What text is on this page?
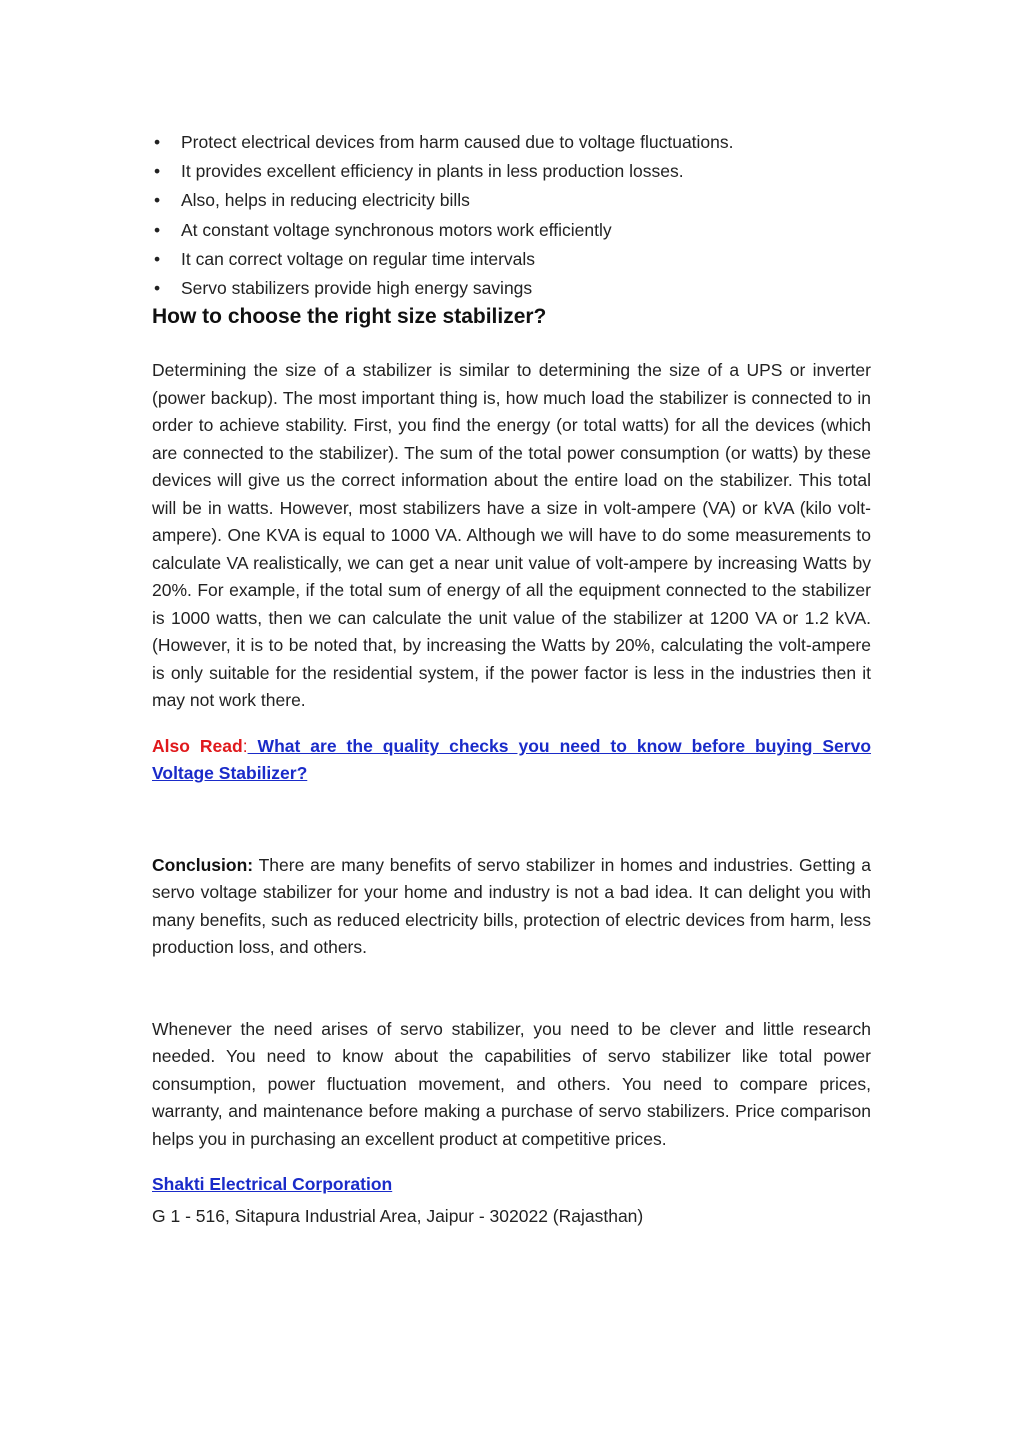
• Protect electrical devices from harm caused due to voltage fluctuations.
• It provides excellent efficiency in plants in less production losses.
• Also, helps in reducing electricity bills
• At constant voltage synchronous motors work efficiently
• It can correct voltage on regular time intervals
• Servo stabilizers provide high energy savings
How to choose the right size stabilizer?

Determining the size of a stabilizer is similar to determining the size of a UPS or inverter (power backup). The most important thing is, how much load the stabilizer is connected to in order to achieve stability. First, you find the energy (or total watts) for all the devices (which are connected to the stabilizer). The sum of the total power consumption (or watts) by these devices will give us the correct information about the entire load on the stabilizer. This total will be in watts. However, most stabilizers have a size in volt-ampere (VA) or kVA (kilo volt-ampere). One KVA is equal to 1000 VA. Although we will have to do some measurements to calculate VA realistically, we can get a near unit value of volt-ampere by increasing Watts by 20%. For example, if the total sum of energy of all the equipment connected to the stabilizer is 1000 watts, then we can calculate the unit value of the stabilizer at 1200 VA or 1.2 kVA. (However, it is to be noted that, by increasing the Watts by 20%, calculating the volt-ampere is only suitable for the residential system, if the power factor is less in the industries then it may not work there.

Also Read: What are the quality checks you need to know before buying Servo Voltage Stabilizer?

Conclusion: There are many benefits of servo stabilizer in homes and industries. Getting a servo voltage stabilizer for your home and industry is not a bad idea. It can delight you with many benefits, such as reduced electricity bills, protection of electric devices from harm, less production loss, and others.

Whenever the need arises of servo stabilizer, you need to be clever and little research needed. You need to know about the capabilities of servo stabilizer like total power consumption, power fluctuation movement, and others. You need to compare prices, warranty, and maintenance before making a purchase of servo stabilizers. Price comparison helps you in purchasing an excellent product at competitive prices.

Shakti Electrical Corporation
G 1 - 516, Sitapura Industrial Area, Jaipur - 302022 (Rajasthan)
